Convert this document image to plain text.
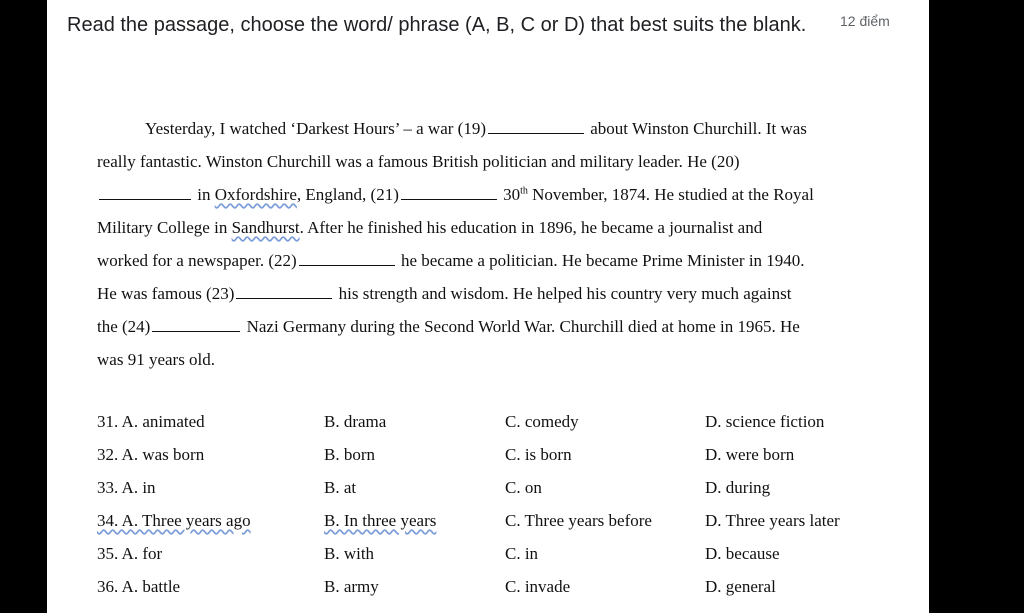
Read the passage, choose the word/ phrase (A, B, C or D) that best suits the blank.	12 điểm
Yesterday, I watched ‘Darkest Hours’ – a war (19)	about Winston Churchill. It was
really fantastic. Winston Churchill was a famous British politician and military leader. He (20)
in Oxfordshire, England, (21)	30th November, 1874. He studied at the Royal
Military College in Sandhurst. After he finished his education in 1896, he became a journalist and
worked for a newspaper. (22)	he became a politician. He became Prime Minister in 1940.
He was famous (23)	his strength and wisdom. He helped his country very much against
the (24)	Nazi Germany during the Second World War. Churchill died at home in 1965. He
was 91 years old.
31. A. animated	B. drama	C. comedy	D. science fiction
32. A. was born	B. born	C. is born	D. were born
33. A. in	B. at	C. on	D. during
34. A. Three years ago	B. In three years	C. Three years before	D. Three years later
35. A. for	B. with	C. in	D. because
36. A. battle	B. army	C. invade	D. general
